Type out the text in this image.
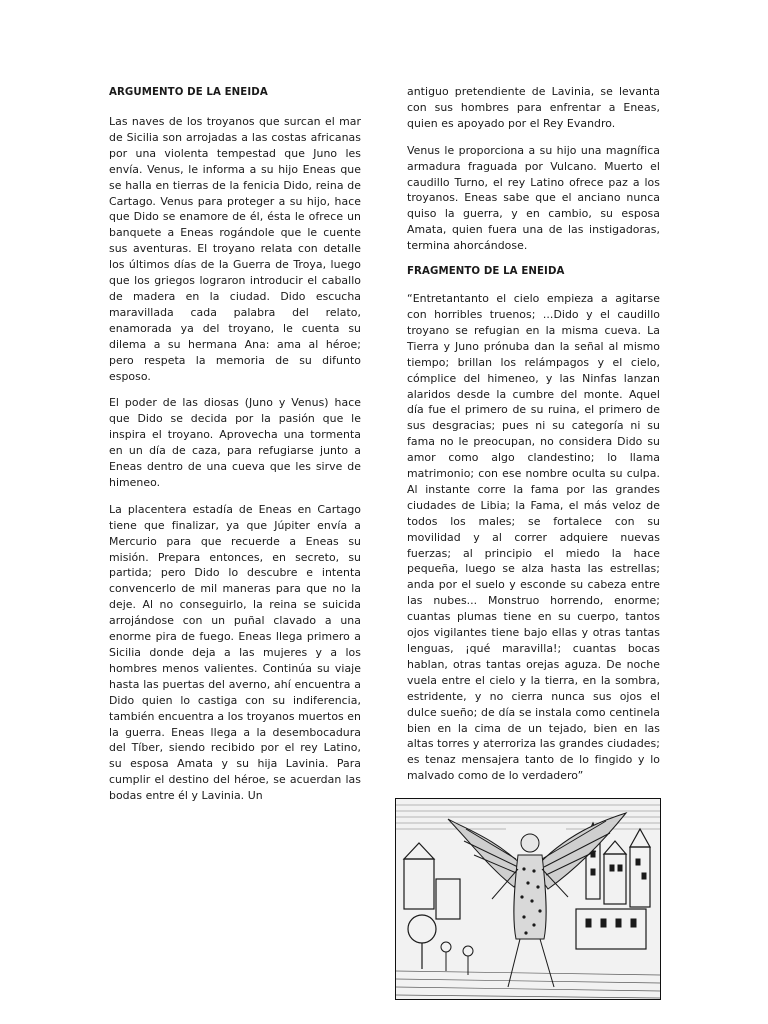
ARGUMENTO DE LA ENEIDA

Las naves de los troyanos que surcan el mar de Sicilia son arrojadas a las costas africanas por una violenta tempestad que Juno les envía. Venus, le informa a su hijo Eneas que se halla en tierras de la fenicia Dido, reina de Cartago. Venus para proteger a su hijo, hace que Dido se enamore de él, ésta le ofrece un banquete a Eneas rogándole que le cuente sus aventuras. El troyano relata con detalle los últimos días de la Guerra de Troya, luego que los griegos lograron introducir el caballo de madera en la ciudad. Dido escucha maravillada cada palabra del relato, enamorada ya del troyano, le cuenta su dilema a su hermana Ana: ama al héroe; pero respeta la memoria de su difunto esposo.

El poder de las diosas (Juno y Venus) hace que Dido se decida por la pasión que le inspira el troyano. Aprovecha una tormenta en un día de caza, para refugiarse junto a Eneas dentro de una cueva que les sirve de himeneo.

La placentera estadía de Eneas en Cartago tiene que finalizar, ya que Júpiter envía a Mercurio para que recuerde a Eneas su misión. Prepara entonces, en secreto, su partida; pero Dido lo descubre e intenta convencerlo de mil maneras para que no la deje. Al no conseguirlo, la reina se suicida arrojándose con un puñal clavado a una enorme pira de fuego. Eneas llega primero a Sicilia donde deja a las mujeres y a los hombres menos valientes. Continúa su viaje hasta las puertas del averno, ahí encuentra a Dido quien lo castiga con su indiferencia, también encuentra a los troyanos muertos en la guerra. Eneas llega a la desembocadura del Tíber, siendo recibido por el rey Latino, su esposa Amata y su hija Lavinia. Para cumplir el destino del héroe, se acuerdan las bodas entre él y Lavinia. Un

antiguo pretendiente de Lavinia, se levanta con sus hombres para enfrentar a Eneas, quien es apoyado por el Rey Evandro.

Venus le proporciona a su hijo una magnífica armadura fraguada por Vulcano. Muerto el caudillo Turno, el rey Latino ofrece paz a los troyanos. Eneas sabe que el anciano nunca quiso la guerra, y en cambio, su esposa Amata, quien fuera una de las instigadoras, termina ahorcándose.

FRAGMENTO DE LA ENEIDA

“Entretantanto el cielo empieza a agitarse con horribles truenos; ...Dido y el caudillo troyano se refugian en la misma cueva. La Tierra y Juno prónuba dan la señal al mismo tiempo; brillan los relámpagos y el cielo, cómplice del himeneo, y las Ninfas lanzan alaridos desde la cumbre del monte. Aquel día fue el primero de su ruina, el primero de sus desgracias; pues ni su categoría ni su fama no le preocupan, no considera Dido su amor como algo clandestino; lo llama matrimonio; con ese nombre oculta su culpa. Al instante corre la fama por las grandes ciudades de Libia; la Fama, el más veloz de todos los males; se fortalece con su movilidad y al correr adquiere nuevas fuerzas; al principio el miedo la hace pequeña, luego se alza hasta las estrellas; anda por el suelo y esconde su cabeza entre las nubes... Monstruo horrendo, enorme; cuantas plumas tiene en su cuerpo, tantos ojos vigilantes tiene bajo ellas y otras tantas lenguas, ¡qué maravilla!; cuantas bocas hablan, otras tantas orejas aguza. De noche vuela entre el cielo y la tierra, en la sombra, estridente, y no cierra nunca sus ojos el dulce sueño; de día se instala como centinela bien en la cima de un tejado, bien en las altas torres y aterroriza las grandes ciudades; es tenaz mensajera tanto de lo fingido y lo malvado como de lo verdadero”
